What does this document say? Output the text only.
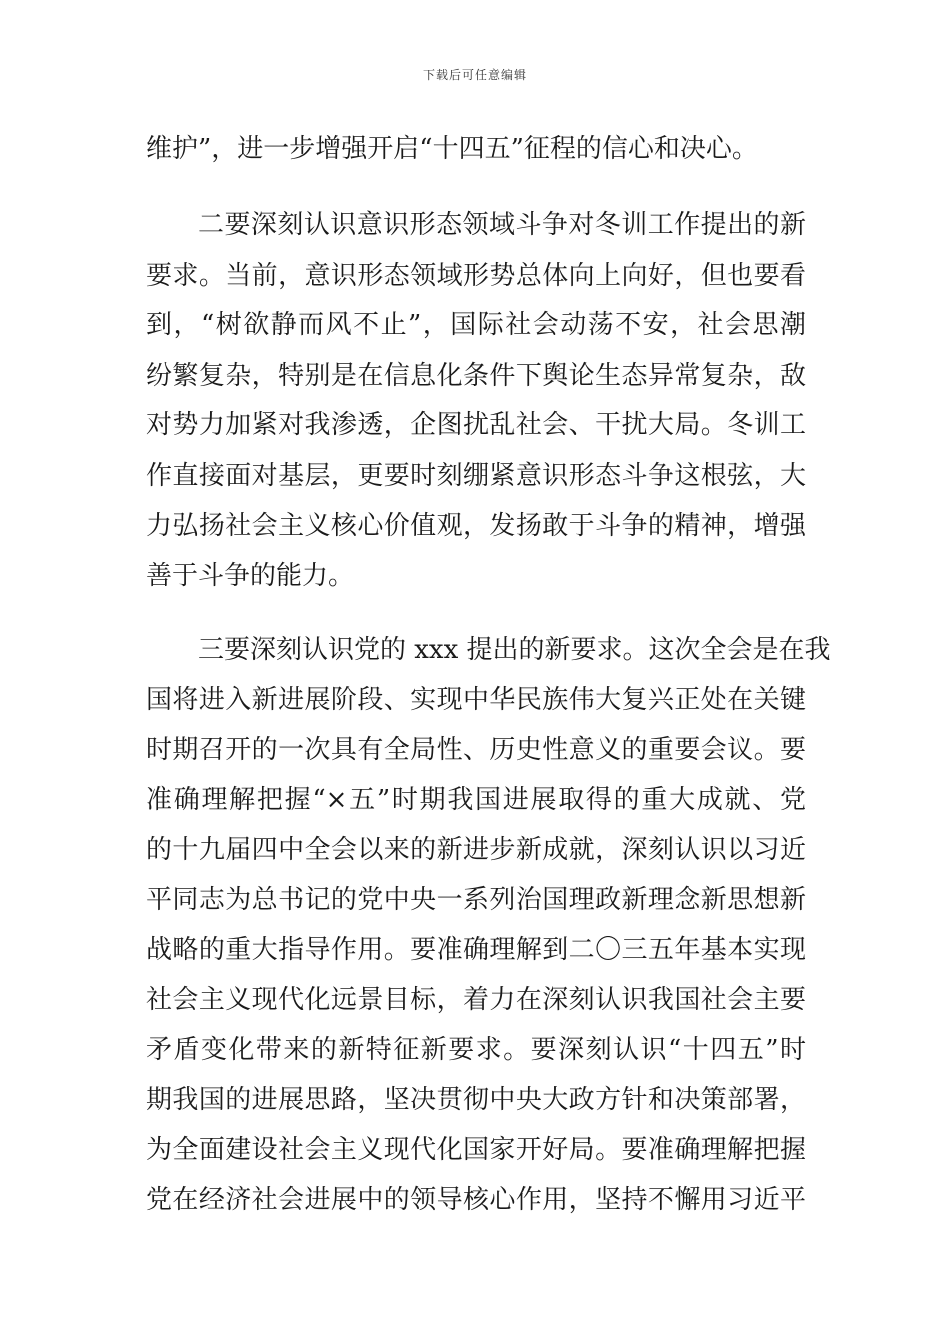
下载后可任意编辑
维护”，进一步增强开启“十四五”征程的信心和决心。
二要深刻认识意识形态领域斗争对冬训工作提出的新
要求。当前，意识形态领域形势总体向上向好，但也要看
到，“树欲静而风不止”，国际社会动荡不安，社会思潮
纷繁复杂，特别是在信息化条件下舆论生态异常复杂，敌
对势力加紧对我渗透，企图扰乱社会、干扰大局。冬训工
作直接面对基层，更要时刻绷紧意识形态斗争这根弦，大
力弘扬社会主义核心价值观，发扬敢于斗争的精神，增强
善于斗争的能力。
三要深刻认识党的 xxx 提出的新要求。这次全会是在我
国将进入新进展阶段、实现中华民族伟大复兴正处在关键
时期召开的一次具有全局性、历史性意义的重要会议。要
准确理解把握“×五”时期我国进展取得的重大成就、党
的十九届四中全会以来的新进步新成就，深刻认识以习近
平同志为总书记的党中央一系列治国理政新理念新思想新
战略的重大指导作用。要准确理解到二〇三五年基本实现
社会主义现代化远景目标，着力在深刻认识我国社会主要
矛盾变化带来的新特征新要求。要深刻认识“十四五”时
期我国的进展思路，坚决贯彻中央大政方针和决策部署，
为全面建设社会主义现代化国家开好局。要准确理解把握
党在经济社会进展中的领导核心作用，坚持不懈用习近平
